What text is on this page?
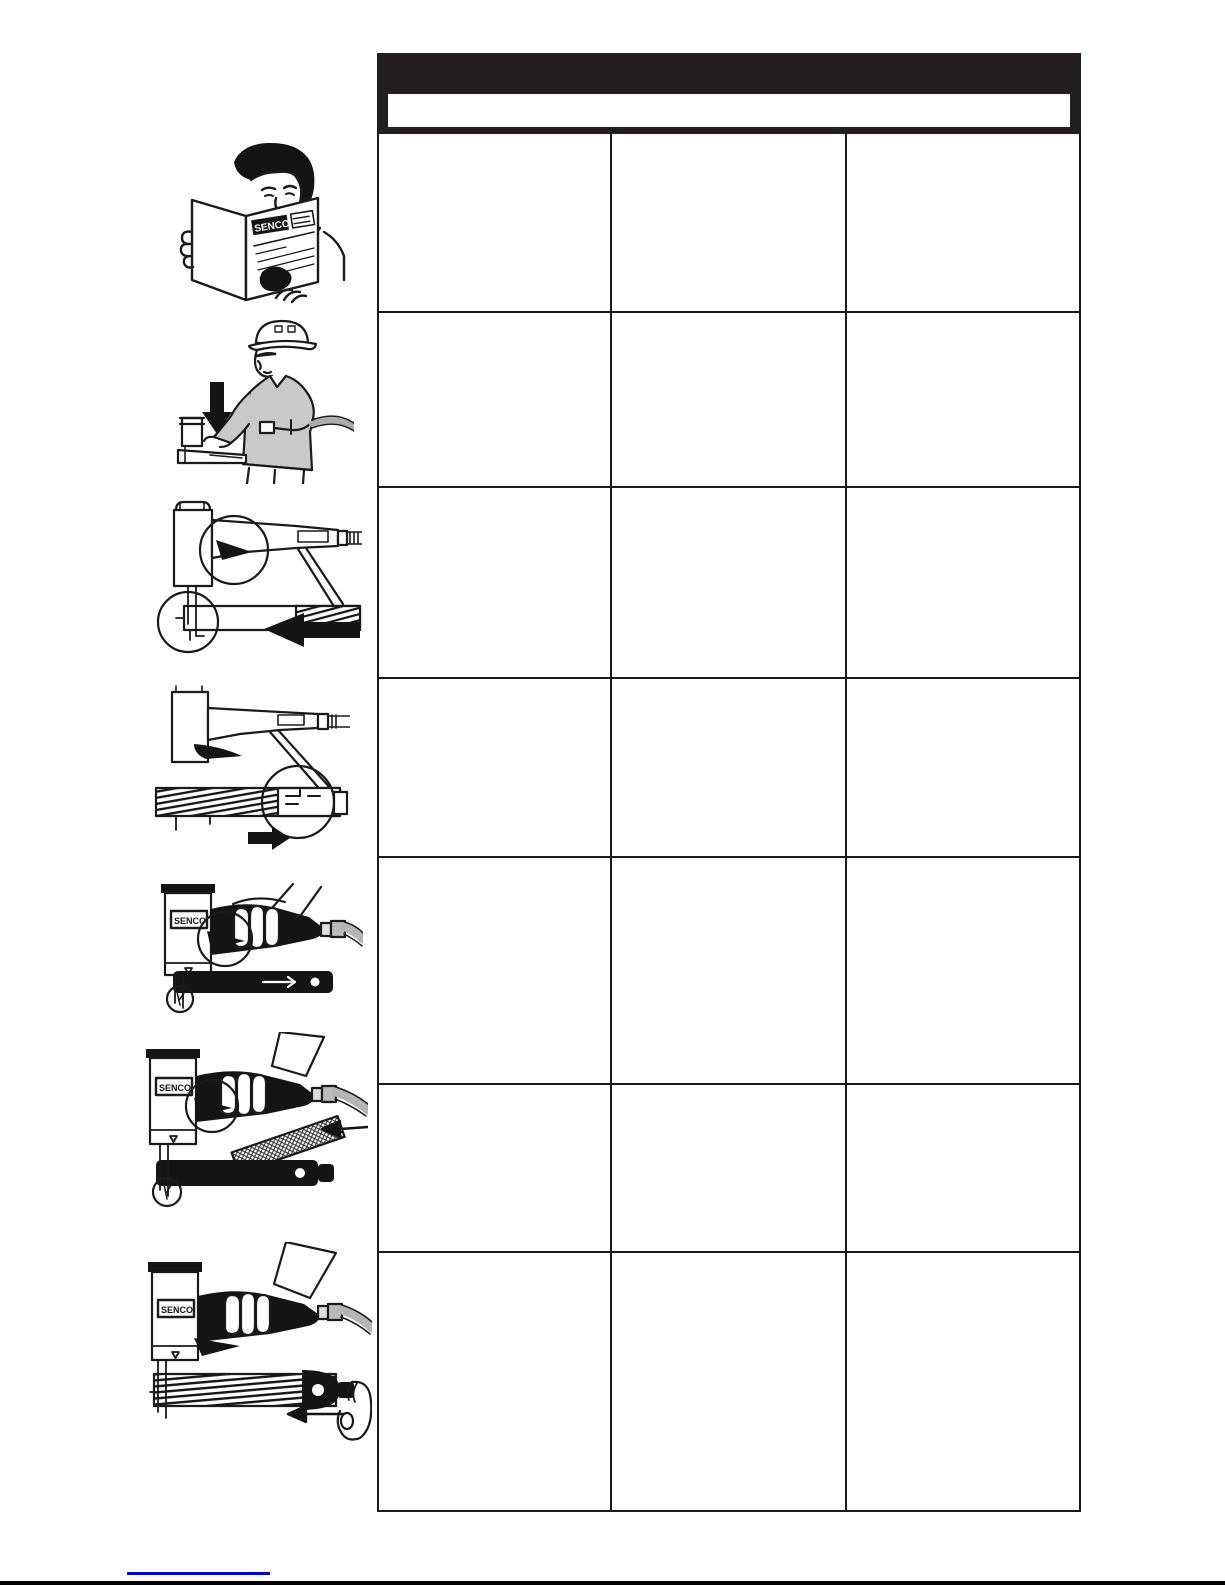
SENCO
SENCO
SENCO
SENCO
